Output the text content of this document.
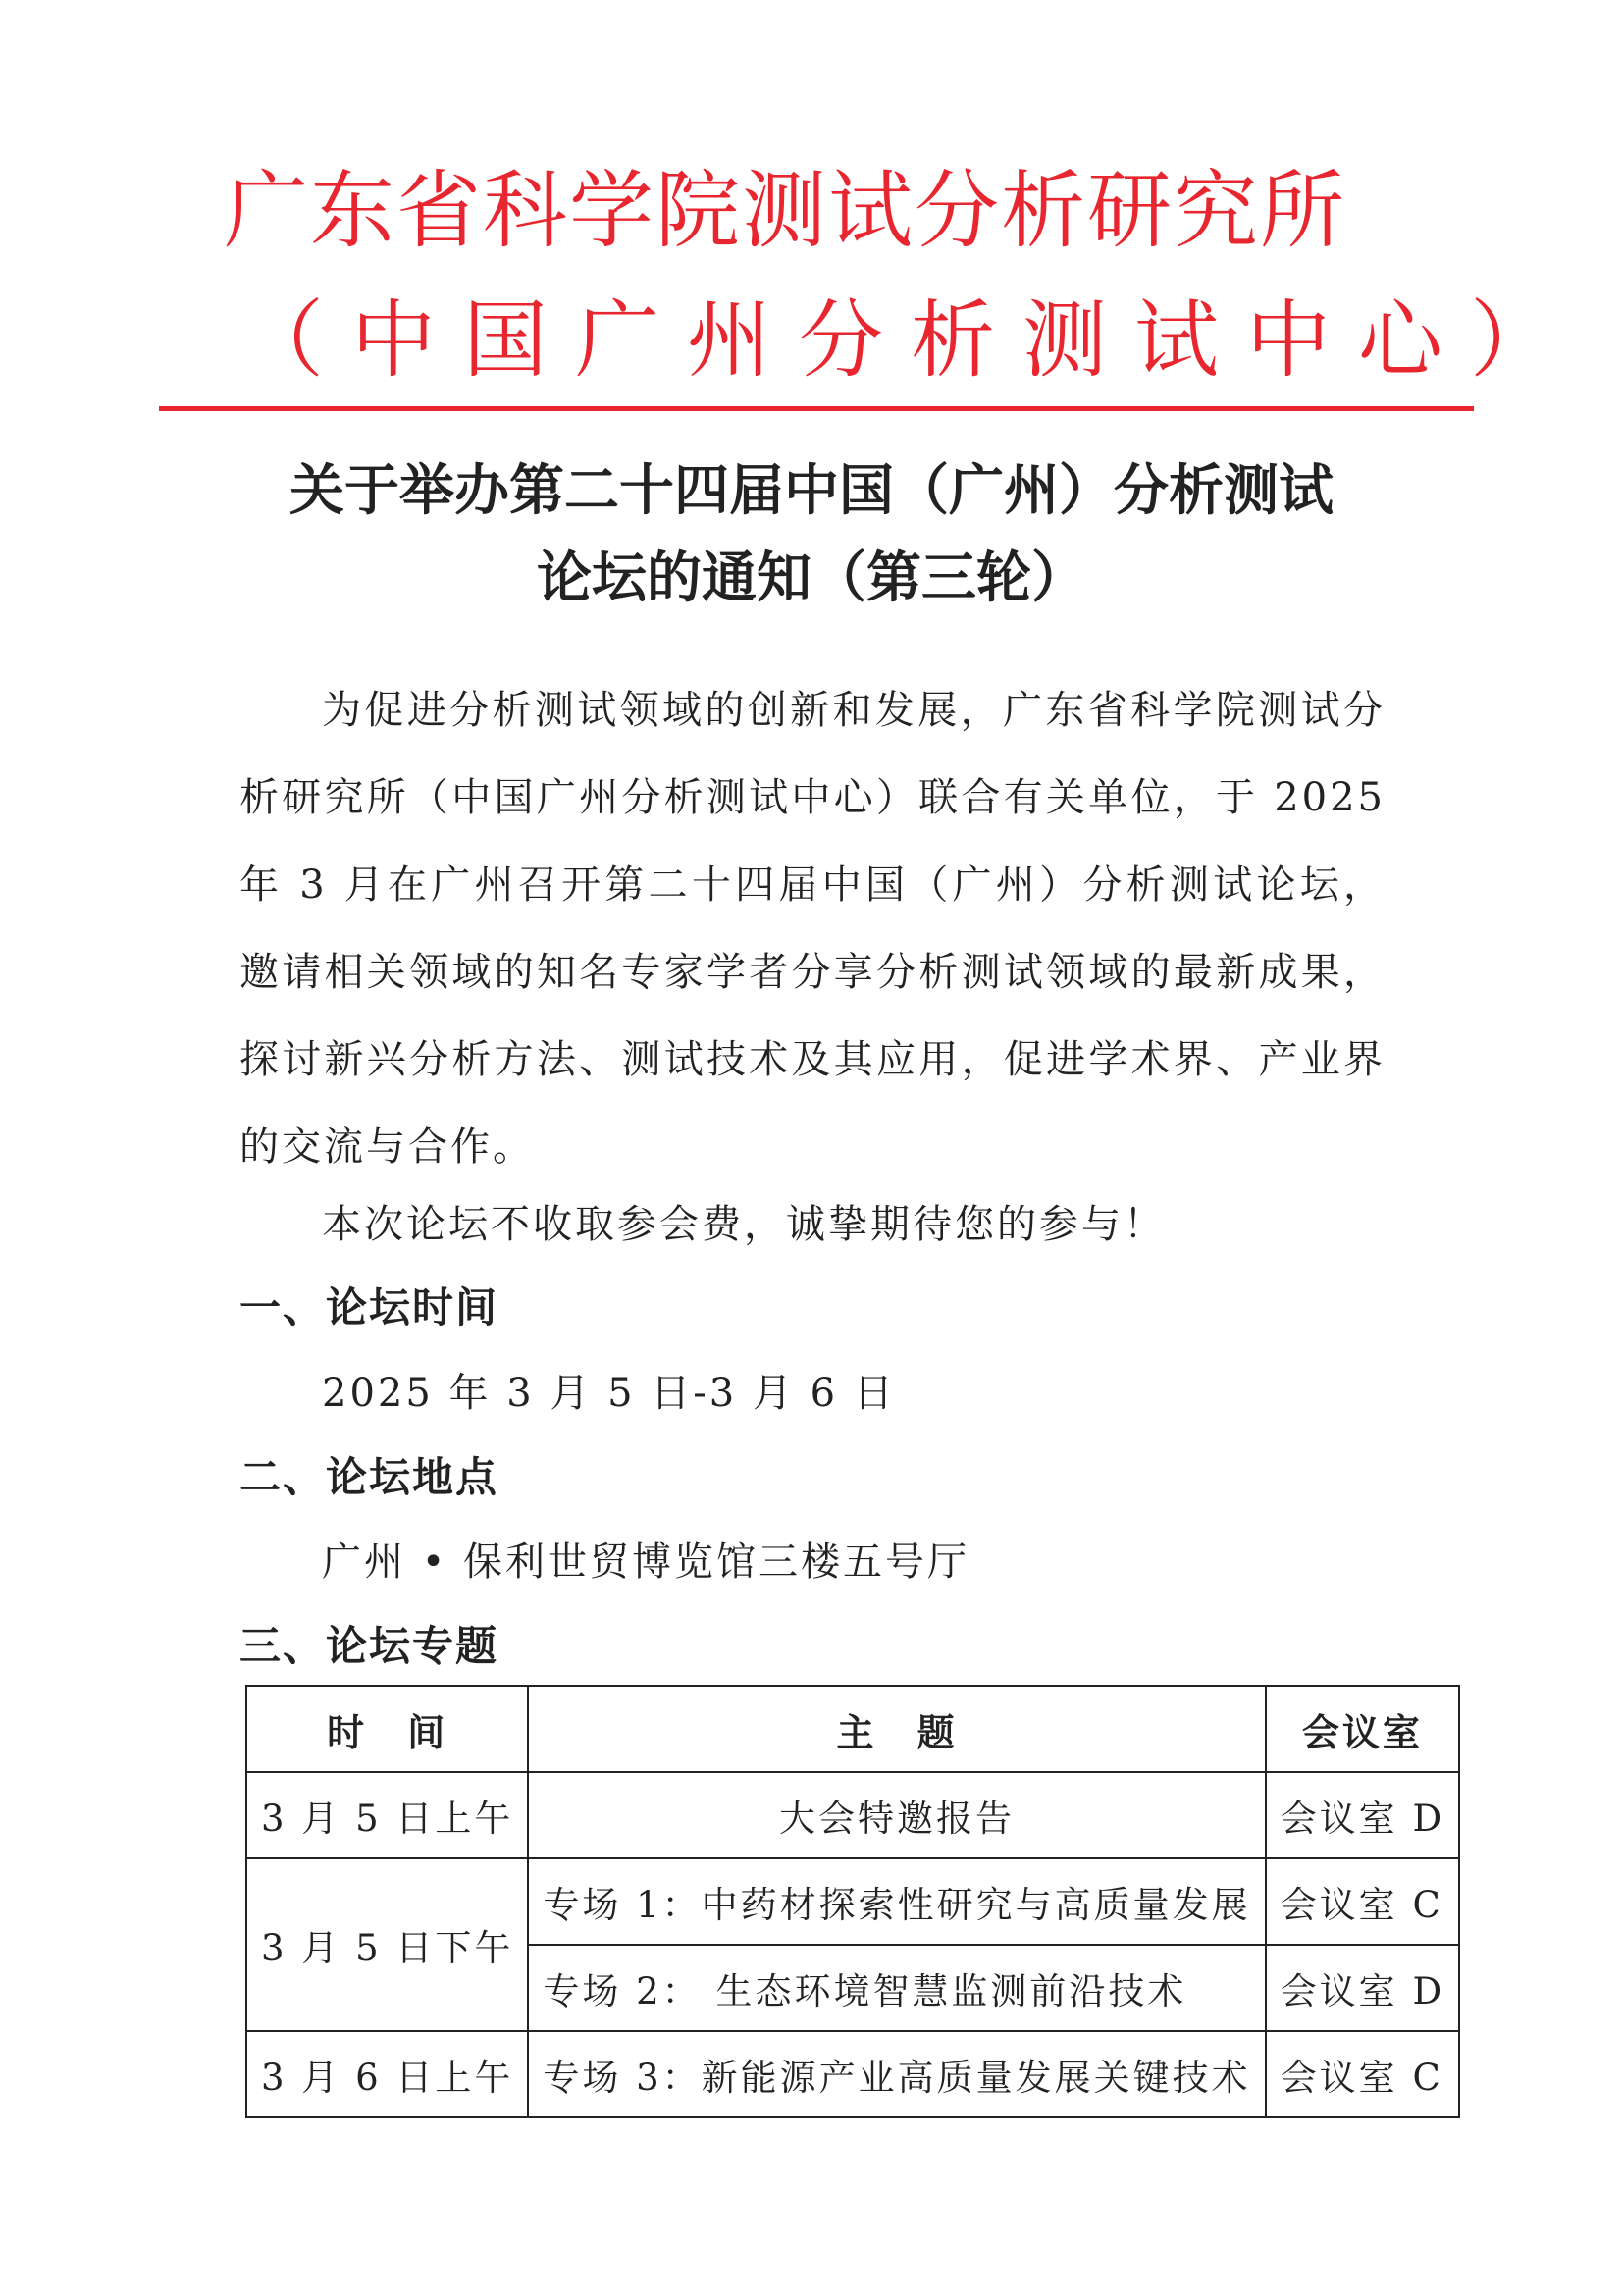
广东省科学院测试分析研究所
（中国广州分析测试中心）
关于举办第二十四届中国（广州）分析测试
论坛的通知（第三轮）
为促进分析测试领域的创新和发展，广东省科学院测试分析研究所（中国广州分析测试中心）联合有关单位，于 2025 年 3 月在广州召开第二十四届中国（广州）分析测试论坛，邀请相关领域的知名专家学者分享分析测试领域的最新成果，探讨新兴分析方法、测试技术及其应用，促进学术界、产业界的交流与合作。
本次论坛不收取参会费，诚挚期待您的参与！
一、论坛时间
2025 年 3 月 5 日-3 月 6 日
二、论坛地点
广州 • 保利世贸博览馆三楼五号厅
三、论坛专题
时　间	主　题	会议室
3 月 5 日上午	大会特邀报告	会议室 D
3 月 5 日下午	专场 1：中药材探索性研究与高质量发展	会议室 C
	专场 2： 生态环境智慧监测前沿技术	会议室 D
3 月 6 日上午	专场 3：新能源产业高质量发展关键技术	会议室 C
